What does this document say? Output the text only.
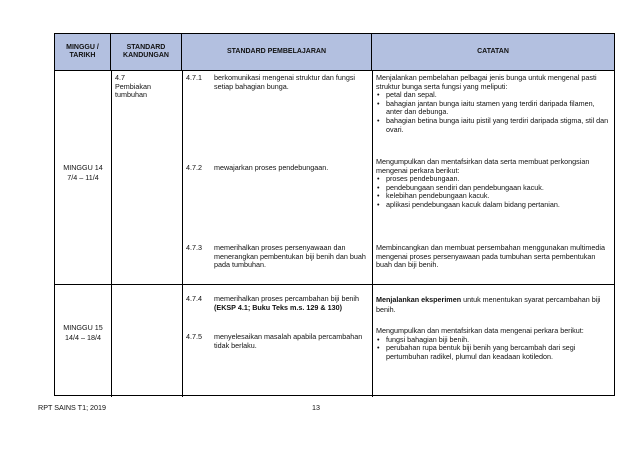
MINGGU / TARIKH
STANDARD KANDUNGAN
STANDARD PEMBELAJARAN	CATATAN
MINGGU 14
7/4 – 11/4
4.7
Pembiakan tumbuhan
4.7.1 berkomunikasi mengenai struktur dan fungsi setiap bahagian bunga.
Menjalankan pembelahan pelbagai jenis bunga untuk mengenal pasti struktur bunga serta fungsi yang meliputi:
• petal dan sepal.
• bahagian jantan bunga iaitu stamen yang terdiri daripada filamen, anter dan debunga.
• bahagian betina bunga iaitu pistil yang terdiri daripada stigma, stil dan ovari.
4.7.2 mewajarkan proses pendebungaan.
Mengumpulkan dan mentafsirkan data serta membuat perkongsian mengenai perkara berikut:
• proses pendebungaan.
• pendebungaan sendiri dan pendebungaan kacuk.
• kelebihan pendebungaan kacuk.
• aplikasi pendebungaan kacuk dalam bidang pertanian.
4.7.3 memerihalkan proses persenyawaan dan menerangkan pembentukan biji benih dan buah pada tumbuhan.
Membincangkan dan membuat persembahan menggunakan multimedia mengenai proses persenyawaan pada tumbuhan serta pembentukan buah dan biji benih.
MINGGU 15
14/4 – 18/4
4.7.4 memerihalkan proses percambahan biji benih
(EKSP 4.1; Buku Teks m.s. 129 & 130)
Menjalankan eksperimen untuk menentukan syarat percambahan biji benih.
4.7.5 menyelesaikan masalah apabila percambahan tidak berlaku.
Mengumpulkan dan mentafsirkan data mengenai perkara berikut:
• fungsi bahagian biji benih.
• perubahan rupa bentuk biji benih yang bercambah dari segi pertumbuhan radikel, plumul dan keadaan kotiledon.
RPT SAINS T1; 2019	13
